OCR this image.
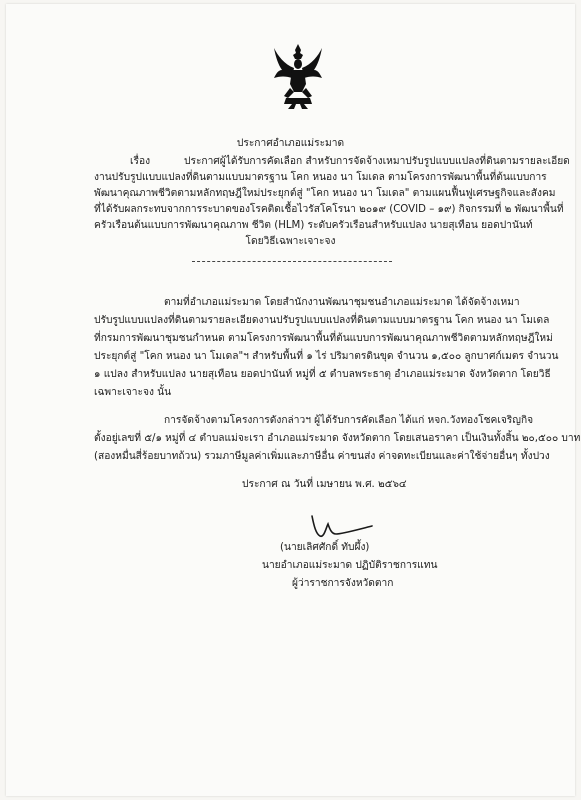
ประกาศอำเภอแม่ระมาด
เรื่อง	ประกาศผู้ได้รับการคัดเลือก สำหรับการจัดจ้างเหมาปรับรูปแบบแปลงที่ดินตามรายละเอียด
งานปรับรูปแบบแปลงที่ดินตามแบบมาตรฐาน โคก หนอง นา โมเดล ตามโครงการพัฒนาพื้นที่ต้นแบบการ
พัฒนาคุณภาพชีวิตตามหลักทฤษฎีใหม่ประยุกต์สู่ "โคก หนอง นา โมเดล" ตามแผนฟื้นฟูเศรษฐกิจและสังคม
ที่ได้รับผลกระทบจากการระบาดของโรคติดเชื้อไวรัสโคโรนา ๒๐๑๙ (COVID – ๑๙) กิจกรรมที่ ๒ พัฒนาพื้นที่
ครัวเรือนต้นแบบการพัฒนาคุณภาพ ชีวิต (HLM) ระดับครัวเรือนสำหรับแปลง นายสุเทือน ยอดปานันท์
โดยวิธีเฉพาะเจาะจง
ตามที่อำเภอแม่ระมาด โดยสำนักงานพัฒนาชุมชนอำเภอแม่ระมาด ได้จัดจ้างเหมา
ปรับรูปแบบแปลงที่ดินตามรายละเอียดงานปรับรูปแบบแปลงที่ดินตามแบบมาตรฐาน โคก หนอง นา โมเดล
ที่กรมการพัฒนาชุมชนกำหนด ตามโครงการพัฒนาพื้นที่ต้นแบบการพัฒนาคุณภาพชีวิตตามหลักทฤษฎีใหม่
ประยุกต์สู่ "โคก หนอง นา โมเดล"ฯ สำหรับพื้นที่ ๑ ไร่ ปริมาตรดินขุด จำนวน ๑,๕๐๐ ลูกบาศก์เมตร จำนวน
๑ แปลง สำหรับแปลง นายสุเทือน ยอดปานันท์ หมู่ที่ ๕ ตำบลพระธาตุ อำเภอแม่ระมาด จังหวัดตาก โดยวิธี
เฉพาะเจาะจง นั้น
การจัดจ้างตามโครงการดังกล่าวฯ ผู้ได้รับการคัดเลือก ได้แก่ หจก.วังทองโชคเจริญกิจ
ตั้งอยู่เลขที่ ๕/๑ หมู่ที่ ๔ ตำบลแม่จะเรา อำเภอแม่ระมาด จังหวัดตาก โดยเสนอราคา เป็นเงินทั้งสิ้น ๒๐,๕๐๐ บาท
(สองหมื่นสี่ร้อยบาทถ้วน) รวมภาษีมูลค่าเพิ่มและภาษีอื่น ค่าขนส่ง ค่าจดทะเบียนและค่าใช้จ่ายอื่นๆ ทั้งปวง
ประกาศ ณ วันที่ เมษายน พ.ศ. ๒๕๖๔
(นายเลิศศักดิ์ ทับผึ้ง)
นายอำเภอแม่ระมาด ปฏิบัติราชการแทน
ผู้ว่าราชการจังหวัดตาก
